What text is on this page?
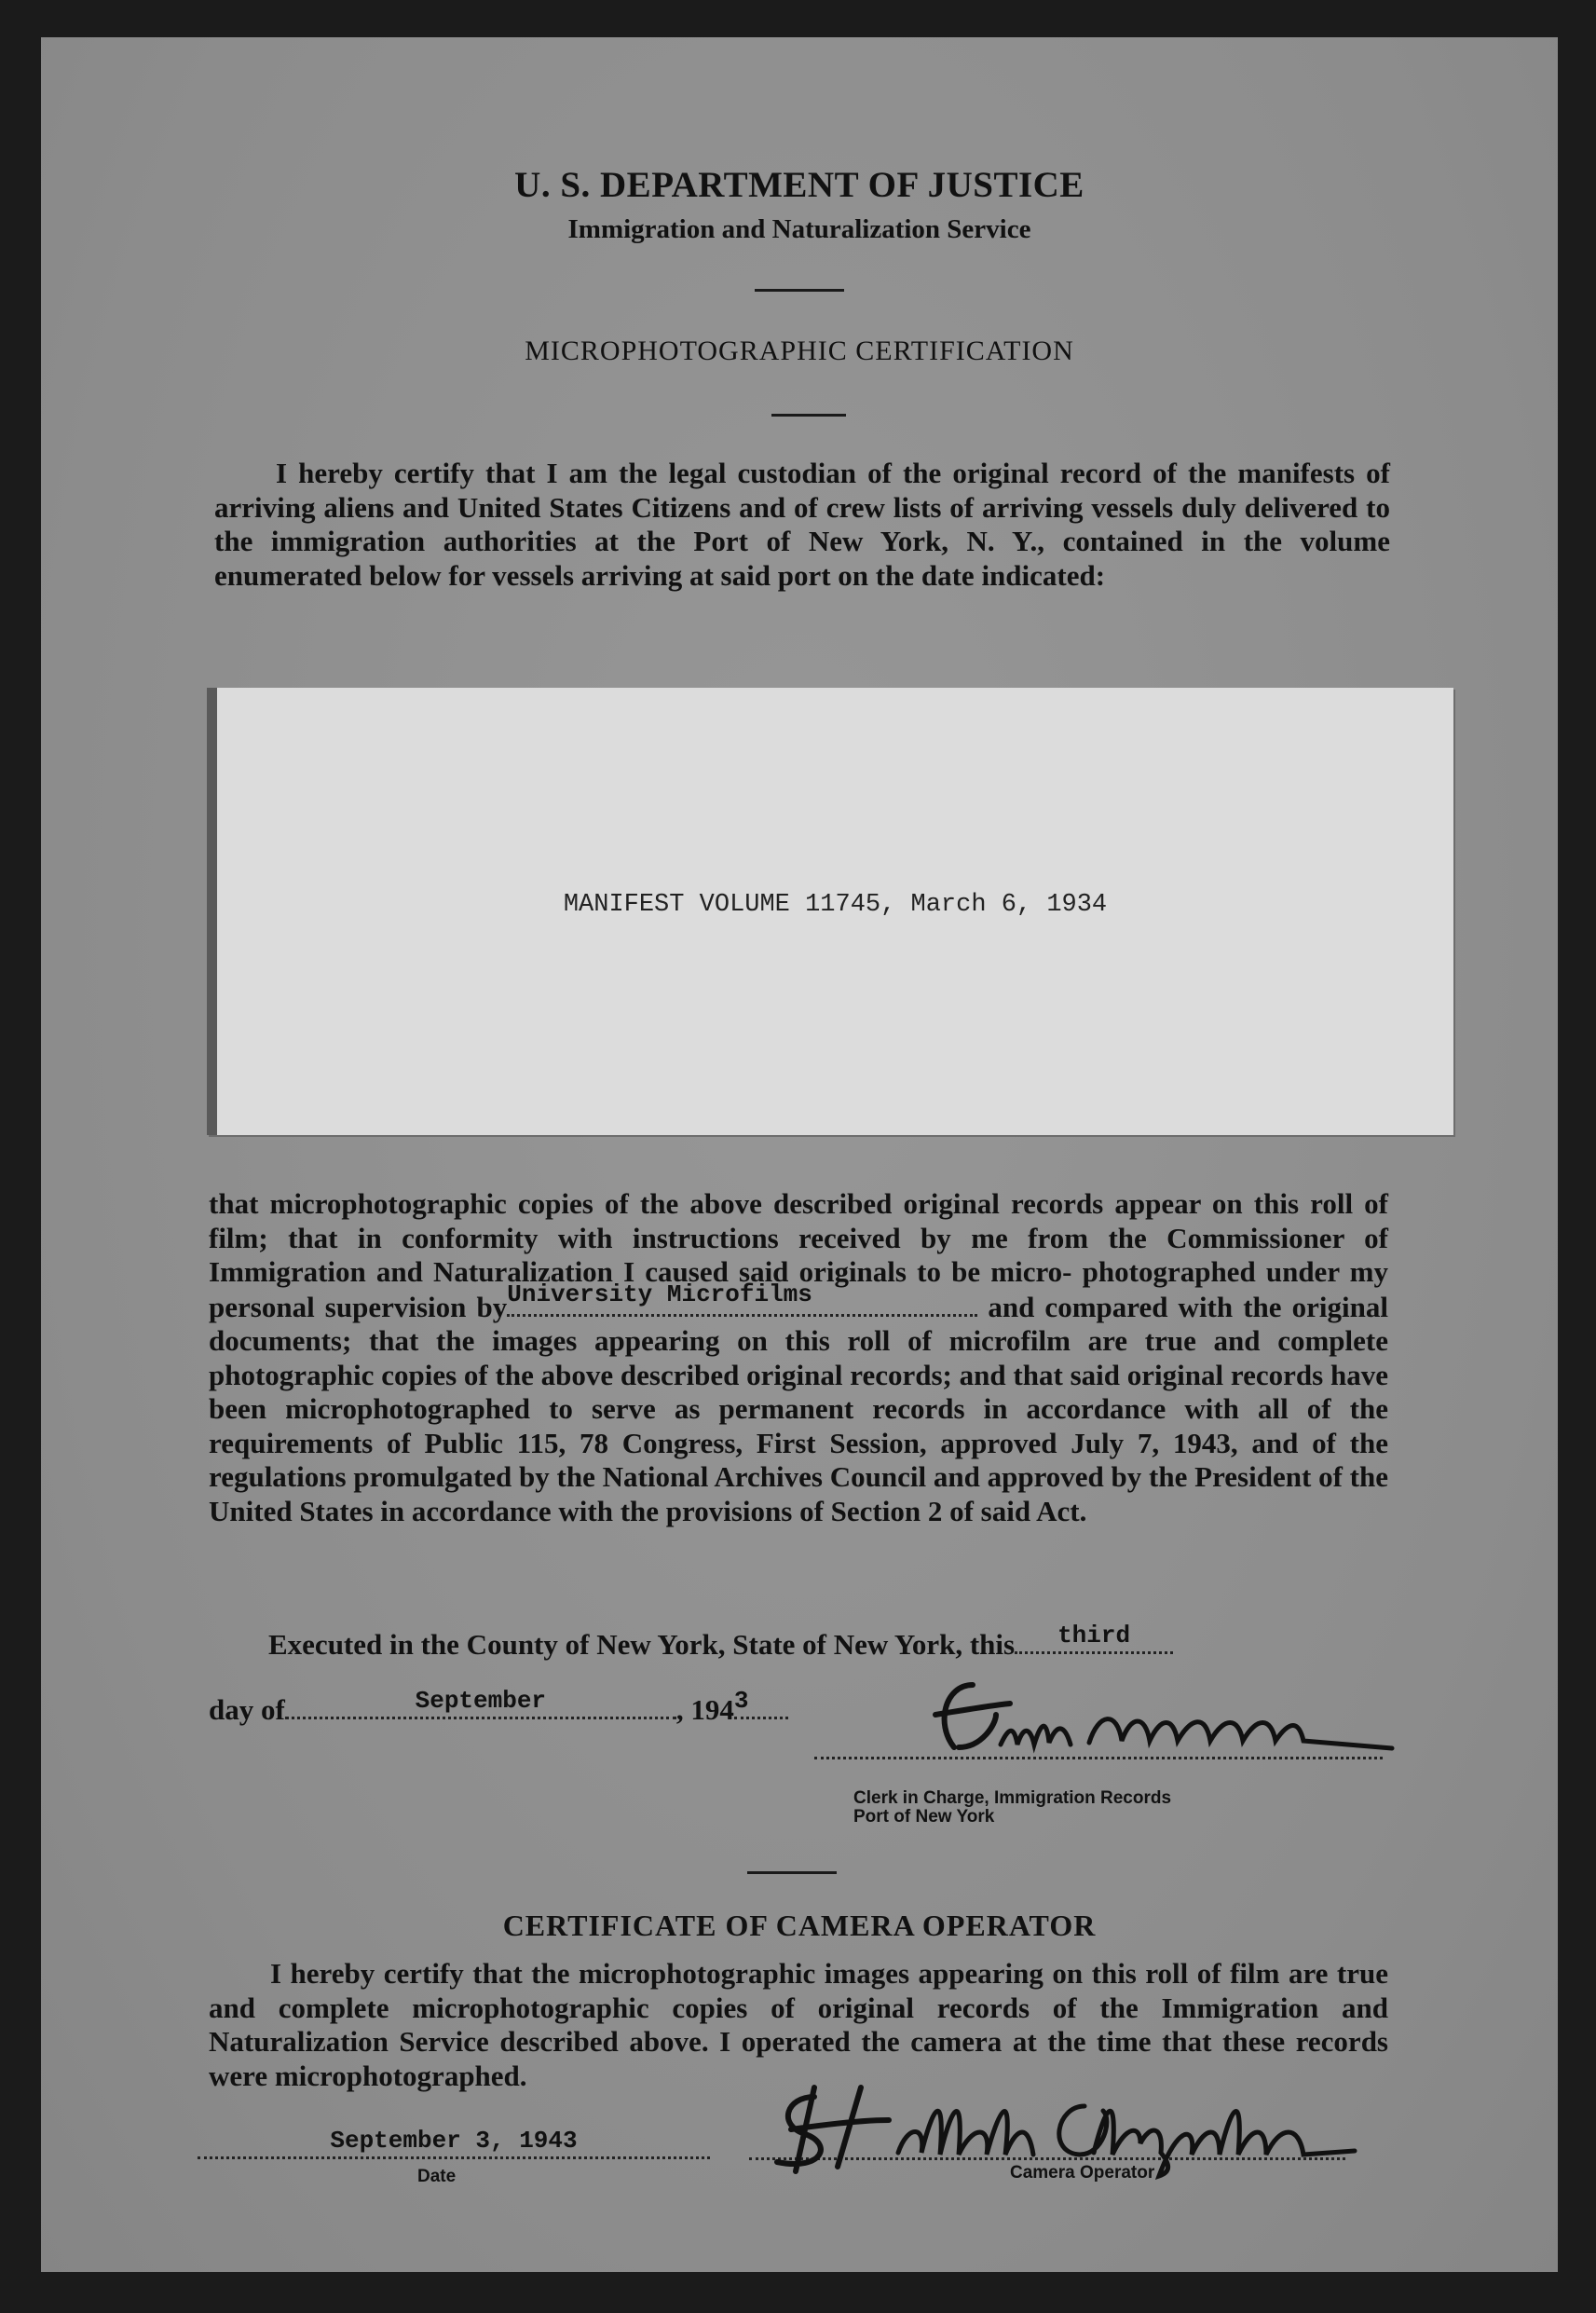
U. S. DEPARTMENT OF JUSTICE
Immigration and Naturalization Service
MICROPHOTOGRAPHIC CERTIFICATION

I hereby certify that I am the legal custodian of the original record of the manifests of arriving aliens and United States Citizens and of crew lists of arriving vessels duly delivered to the immigration authorities at the Port of New York, N. Y., contained in the volume enumerated below for vessels arriving at said port on the date indicated:

MANIFEST VOLUME 11745, March 6, 1934

that microphotographic copies of the above described original records appear on this roll of film; that in conformity with instructions received by me from the Commissioner of Immigration and Naturalization I caused said originals to be micro- photographed under my personal supervision by University Microfilms	and compared with the original documents; that the images appearing on this roll of microfilm are true and complete photographic copies of the above described original records; and that said original records have been microphotographed to serve as permanent records in accordance with all of the requirements of Public 115, 78 Congress, First Session, approved July 7, 1943, and of the regulations promulgated by the National Archives Council and approved by the President of the United States in accordance with the provisions of Section 2 of said Act.

Executed in the County of New York, State of New York, this	third
day of	September	, 194 3
Clerk in Charge, Immigration Records
Port of New York
CERTIFICATE OF CAMERA OPERATOR

I hereby certify that the microphotographic images appearing on this roll of film are true and complete microphotographic copies of original records of the Immigration and Naturalization Service described above. I operated the camera at the time that these records were microphotographed.

September 3, 1943
Date	Camera Operator
